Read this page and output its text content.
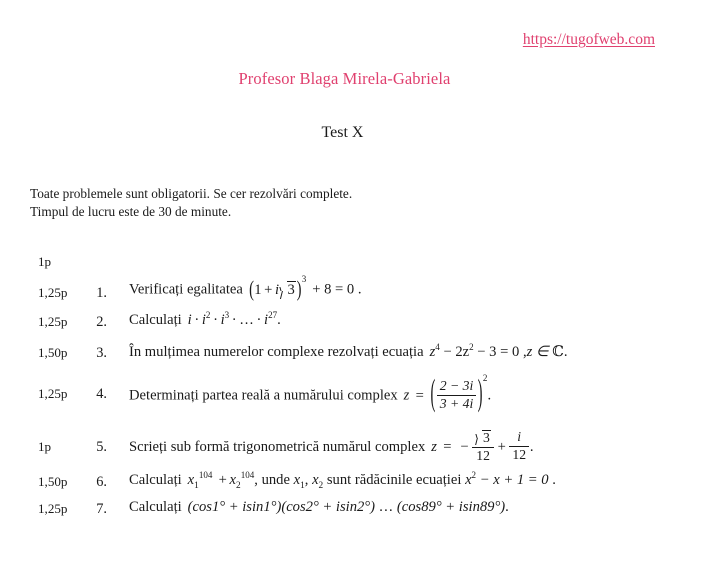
https://tugofweb.com
Profesor Blaga Mirela-Gabriela
Test X
Toate problemele sunt obligatorii. Se cer rezolvări complete.
Timpul de lucru este de 30 de minute.
1p
1,25p	1.	Verificați egalitatea (1 + i 3 )$^3$ + 8 = 0 .
1,25p	2.	Calculați $i \cdot i^2 \cdot i^3$ · … · $i^{27}$.
1,50p	3.	În mulțimea numerelor complexe rezolvați ecuația $z^4 - 2z^2 - 3 = 0$ ,z ∈ ℂ.
1,25p	4.	Determinați partea reală a numărului complex z = ( $\frac{2 - 3i}{3 + 4i} )^2$.
1p	5.	Scrieți sub formă trigonometrică numărul complex z = − $\frac{3}{12} + \frac{i}{12}$ .
1,50p	6.	Calculați $x_1^{104} + x_2^{104}$, unde $x_1$, $x_2$ sunt rădăcinile ecuației $x^2 - x + 1 = 0$ .
1,25p	7.	Calculați (cos1° + isin1°)(cos2° + isin2°) … (cos89° + isin89°).
